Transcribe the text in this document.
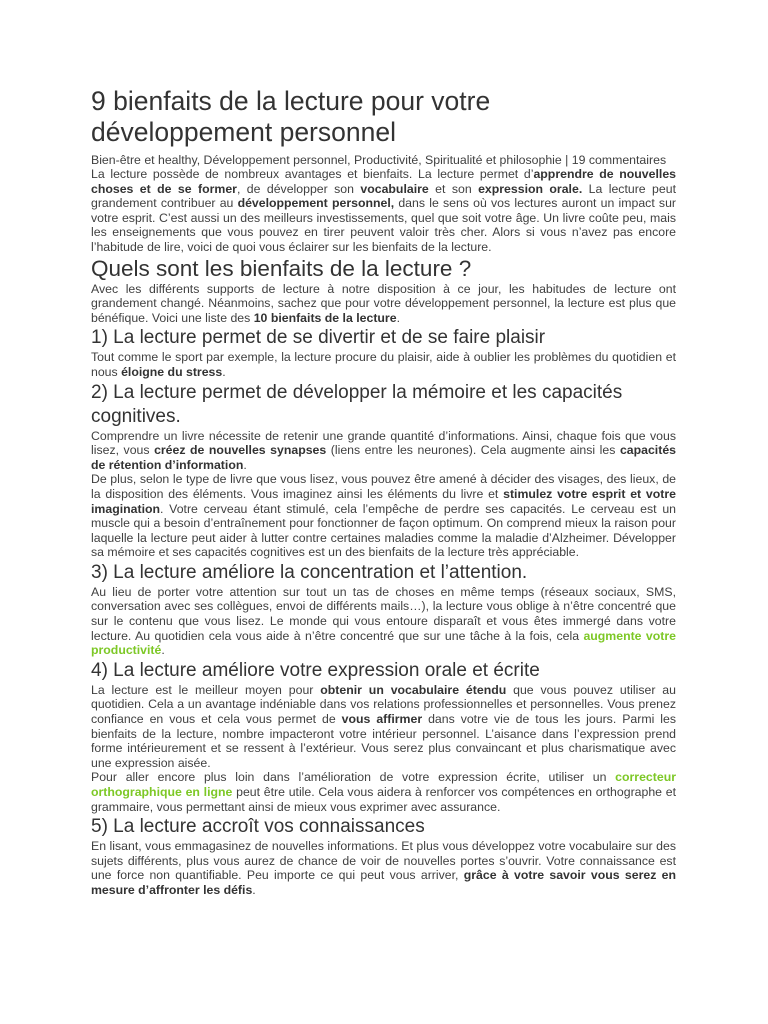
9 bienfaits de la lecture pour votre développement personnel
Bien-être et healthy, Développement personnel, Productivité, Spiritualité et philosophie | 19 commentaires

La lecture possède de nombreux avantages et bienfaits. La lecture permet d’apprendre de nouvelles choses et de se former, de développer son vocabulaire et son expression orale. La lecture peut grandement contribuer au développement personnel, dans le sens où vos lectures auront un impact sur votre esprit. C’est aussi un des meilleurs investissements, quel que soit votre âge. Un livre coûte peu, mais les enseignements que vous pouvez en tirer peuvent valoir très cher. Alors si vous n’avez pas encore l’habitude de lire, voici de quoi vous éclairer sur les bienfaits de la lecture.

Quels sont les bienfaits de la lecture ?

Avec les différents supports de lecture à notre disposition à ce jour, les habitudes de lecture ont grandement changé. Néanmoins, sachez que pour votre développement personnel, la lecture est plus que bénéfique. Voici une liste des 10 bienfaits de la lecture.

1) La lecture permet de se divertir et de se faire plaisir

Tout comme le sport par exemple, la lecture procure du plaisir, aide à oublier les problèmes du quotidien et nous éloigne du stress.

2) La lecture permet de développer la mémoire et les capacités cognitives.

Comprendre un livre nécessite de retenir une grande quantité d’informations. Ainsi, chaque fois que vous lisez, vous créez de nouvelles synapses (liens entre les neurones). Cela augmente ainsi les capacités de rétention d’information.

De plus, selon le type de livre que vous lisez, vous pouvez être amené à décider des visages, des lieux, de la disposition des éléments. Vous imaginez ainsi les éléments du livre et stimulez votre esprit et votre imagination. Votre cerveau étant stimulé, cela l’empêche de perdre ses capacités. Le cerveau est un muscle qui a besoin d’entraînement pour fonctionner de façon optimum. On comprend mieux la raison pour laquelle la lecture peut aider à lutter contre certaines maladies comme la maladie d’Alzheimer. Développer sa mémoire et ses capacités cognitives est un des bienfaits de la lecture très appréciable.

3) La lecture améliore la concentration et l’attention.

Au lieu de porter votre attention sur tout un tas de choses en même temps (réseaux sociaux, SMS, conversation avec ses collègues, envoi de différents mails…), la lecture vous oblige à n’être concentré que sur le contenu que vous lisez. Le monde qui vous entoure disparaît et vous êtes immergé dans votre lecture. Au quotidien cela vous aide à n’être concentré que sur une tâche à la fois, cela augmente votre productivité.

4) La lecture améliore votre expression orale et écrite

La lecture est le meilleur moyen pour obtenir un vocabulaire étendu que vous pouvez utiliser au quotidien. Cela a un avantage indéniable dans vos relations professionnelles et personnelles. Vous prenez confiance en vous et cela vous permet de vous affirmer dans votre vie de tous les jours. Parmi les bienfaits de la lecture, nombre impacteront votre intérieur personnel. L’aisance dans l’expression prend forme intérieurement et se ressent à l’extérieur. Vous serez plus convaincant et plus charismatique avec une expression aisée.

Pour aller encore plus loin dans l’amélioration de votre expression écrite, utiliser un correcteur orthographique en ligne peut être utile. Cela vous aidera à renforcer vos compétences en orthographe et grammaire, vous permettant ainsi de mieux vous exprimer avec assurance.

5) La lecture accroît vos connaissances

En lisant, vous emmagasinez de nouvelles informations. Et plus vous développez votre vocabulaire sur des sujets différents, plus vous aurez de chance de voir de nouvelles portes s’ouvrir. Votre connaissance est une force non quantifiable. Peu importe ce qui peut vous arriver, grâce à votre savoir vous serez en mesure d’affronter les défis.
